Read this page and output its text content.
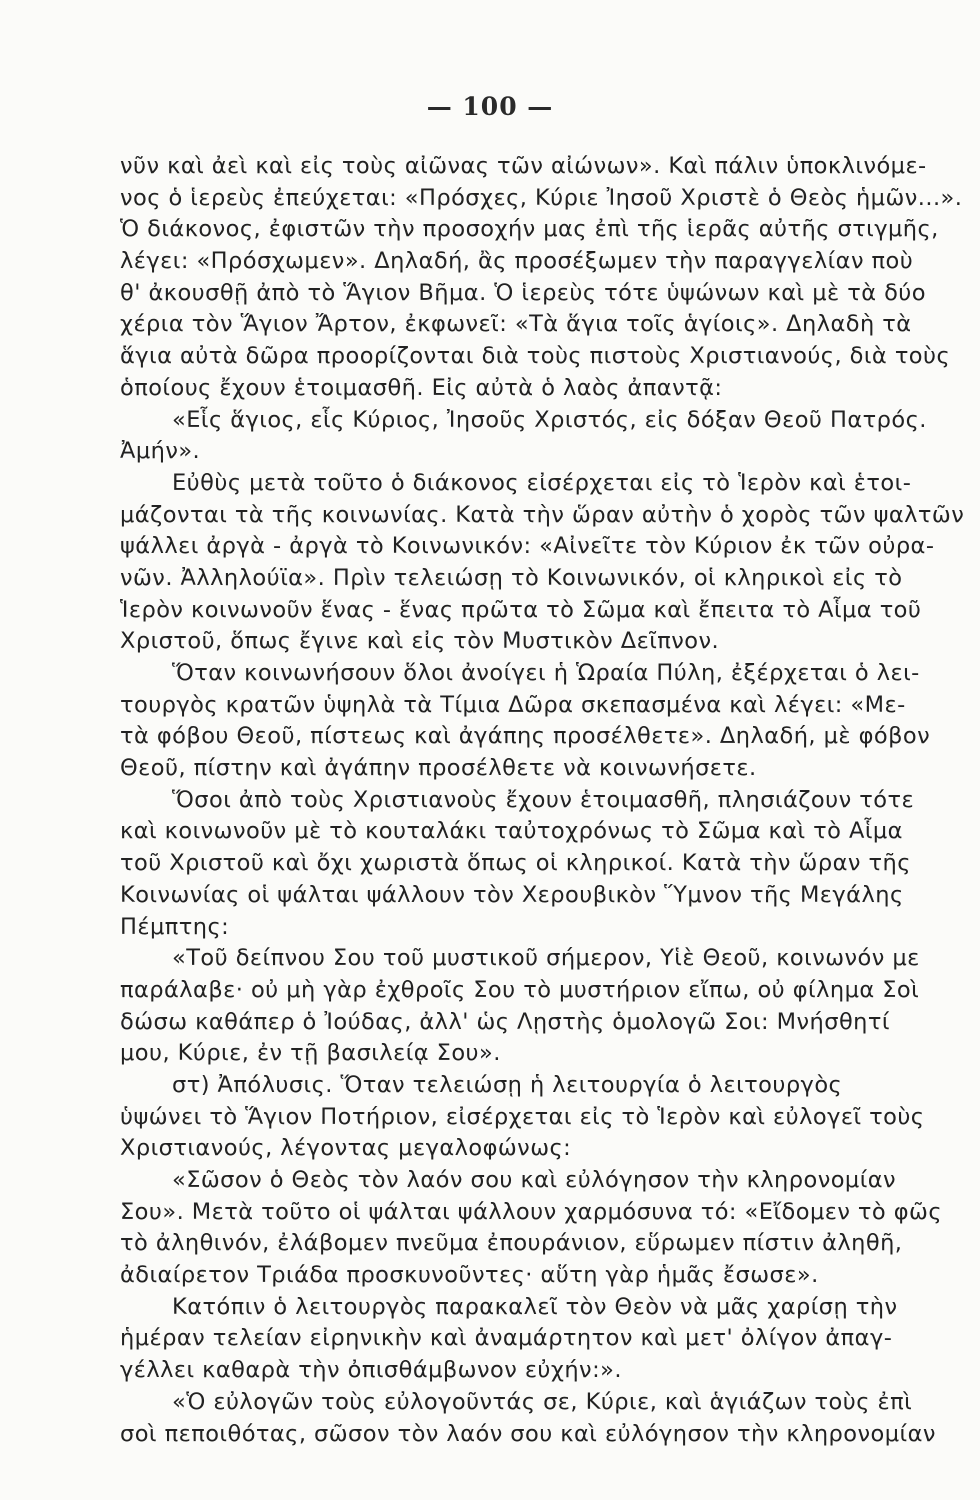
— 100 —
νῦν καὶ ἀεὶ καὶ εἰς τοὺς αἰῶνας τῶν αἰώνων». Καὶ πάλιν ὑποκλινόμε-
νος ὁ ἱερεὺς ἐπεύχεται: «Πρόσχες, Κύριε Ἰησοῦ Χριστὲ ὁ Θεὸς ἡμῶν...».
Ὁ διάκονος, ἐφιστῶν τὴν προσοχήν μας ἐπὶ τῆς ἱερᾶς αὐτῆς στιγμῆς,
λέγει: «Πρόσχωμεν». Δηλαδή, ἂς προσέξωμεν τὴν παραγγελίαν ποὺ
θ' ἀκουσθῇ ἀπὸ τὸ Ἅγιον Βῆμα. Ὁ ἱερεὺς τότε ὑψώνων καὶ μὲ τὰ δύο
χέρια τὸν Ἅγιον Ἄρτον, ἐκφωνεῖ: «Τὰ ἅγια τοῖς ἁγίοις». Δηλαδὴ τὰ
ἅγια αὐτὰ δῶρα προορίζονται διὰ τοὺς πιστοὺς Χριστιανούς, διὰ τοὺς
ὁποίους ἔχουν ἑτοιμασθῆ. Εἰς αὐτὰ ὁ λαὸς ἀπαντᾷ:
«Εἷς ἅγιος, εἷς Κύριος, Ἰησοῦς Χριστός, εἰς δόξαν Θεοῦ Πατρός.
Ἀμήν».
Εὐθὺς μετὰ τοῦτο ὁ διάκονος εἰσέρχεται εἰς τὸ Ἱερὸν καὶ ἑτοι-
μάζονται τὰ τῆς κοινωνίας. Κατὰ τὴν ὥραν αὐτὴν ὁ χορὸς τῶν ψαλτῶν
ψάλλει ἀργὰ - ἀργὰ τὸ Κοινωνικόν: «Αἰνεῖτε τὸν Κύριον ἐκ τῶν οὐρα-
νῶν. Ἀλληλούϊα». Πρὶν τελειώσῃ τὸ Κοινωνικόν, οἱ κληρικοὶ εἰς τὸ
Ἱερὸν κοινωνοῦν ἕνας - ἕνας πρῶτα τὸ Σῶμα καὶ ἔπειτα τὸ Αἷμα τοῦ
Χριστοῦ, ὅπως ἔγινε καὶ εἰς τὸν Μυστικὸν Δεῖπνον.
Ὅταν κοινωνήσουν ὅλοι ἀνοίγει ἡ Ὡραία Πύλη, ἐξέρχεται ὁ λει-
τουργὸς κρατῶν ὑψηλὰ τὰ Τίμια Δῶρα σκεπασμένα καὶ λέγει: «Με-
τὰ φόβου Θεοῦ, πίστεως καὶ ἀγάπης προσέλθετε». Δηλαδή, μὲ φόβον
Θεοῦ, πίστην καὶ ἀγάπην προσέλθετε νὰ κοινωνήσετε.
Ὅσοι ἀπὸ τοὺς Χριστιανοὺς ἔχουν ἑτοιμασθῆ, πλησιάζουν τότε
καὶ κοινωνοῦν μὲ τὸ κουταλάκι ταὐτοχρόνως τὸ Σῶμα καὶ τὸ Αἷμα
τοῦ Χριστοῦ καὶ ὄχι χωριστὰ ὅπως οἱ κληρικοί. Κατὰ τὴν ὥραν τῆς
Κοινωνίας οἱ ψάλται ψάλλουν τὸν Χερουβικὸν Ὕμνον τῆς Μεγάλης
Πέμπτης:
«Τοῦ δείπνου Σου τοῦ μυστικοῦ σήμερον, Υἱὲ Θεοῦ, κοινωνόν με
παράλαβε· οὐ μὴ γὰρ ἐχθροῖς Σου τὸ μυστήριον εἴπω, οὐ φίλημα Σοὶ
δώσω καθάπερ ὁ Ἰούδας, ἀλλ' ὡς Λῃστὴς ὁμολογῶ Σοι: Μνήσθητί
μου, Κύριε, ἐν τῇ βασιλείᾳ Σου».
στ) Ἀπόλυσις. Ὅταν τελειώσῃ ἡ λειτουργία ὁ λειτουργὸς
ὑψώνει τὸ Ἅγιον Ποτήριον, εἰσέρχεται εἰς τὸ Ἱερὸν καὶ εὐλογεῖ τοὺς
Χριστιανούς, λέγοντας μεγαλοφώνως:
«Σῶσον ὁ Θεὸς τὸν λαόν σου καὶ εὐλόγησον τὴν κληρονομίαν
Σου». Μετὰ τοῦτο οἱ ψάλται ψάλλουν χαρμόσυνα τό: «Εἴδομεν τὸ φῶς
τὸ ἀληθινόν, ἐλάβομεν πνεῦμα ἐπουράνιον, εὕρωμεν πίστιν ἀληθῆ,
ἀδιαίρετον Τριάδα προσκυνοῦντες· αὕτη γὰρ ἡμᾶς ἔσωσε».
Κατόπιν ὁ λειτουργὸς παρακαλεῖ τὸν Θεὸν νὰ μᾶς χαρίσῃ τὴν
ἡμέραν τελείαν εἰρηνικὴν καὶ ἀναμάρτητον καὶ μετ' ὀλίγον ἀπαγ-
γέλλει καθαρὰ τὴν ὀπισθάμβωνον εὐχήν:».
«Ὁ εὐλογῶν τοὺς εὐλογοῦντάς σε, Κύριε, καὶ ἁγιάζων τοὺς ἐπὶ
σοὶ πεποιθότας, σῶσον τὸν λαόν σου καὶ εὐλόγησον τὴν κληρονομίαν
